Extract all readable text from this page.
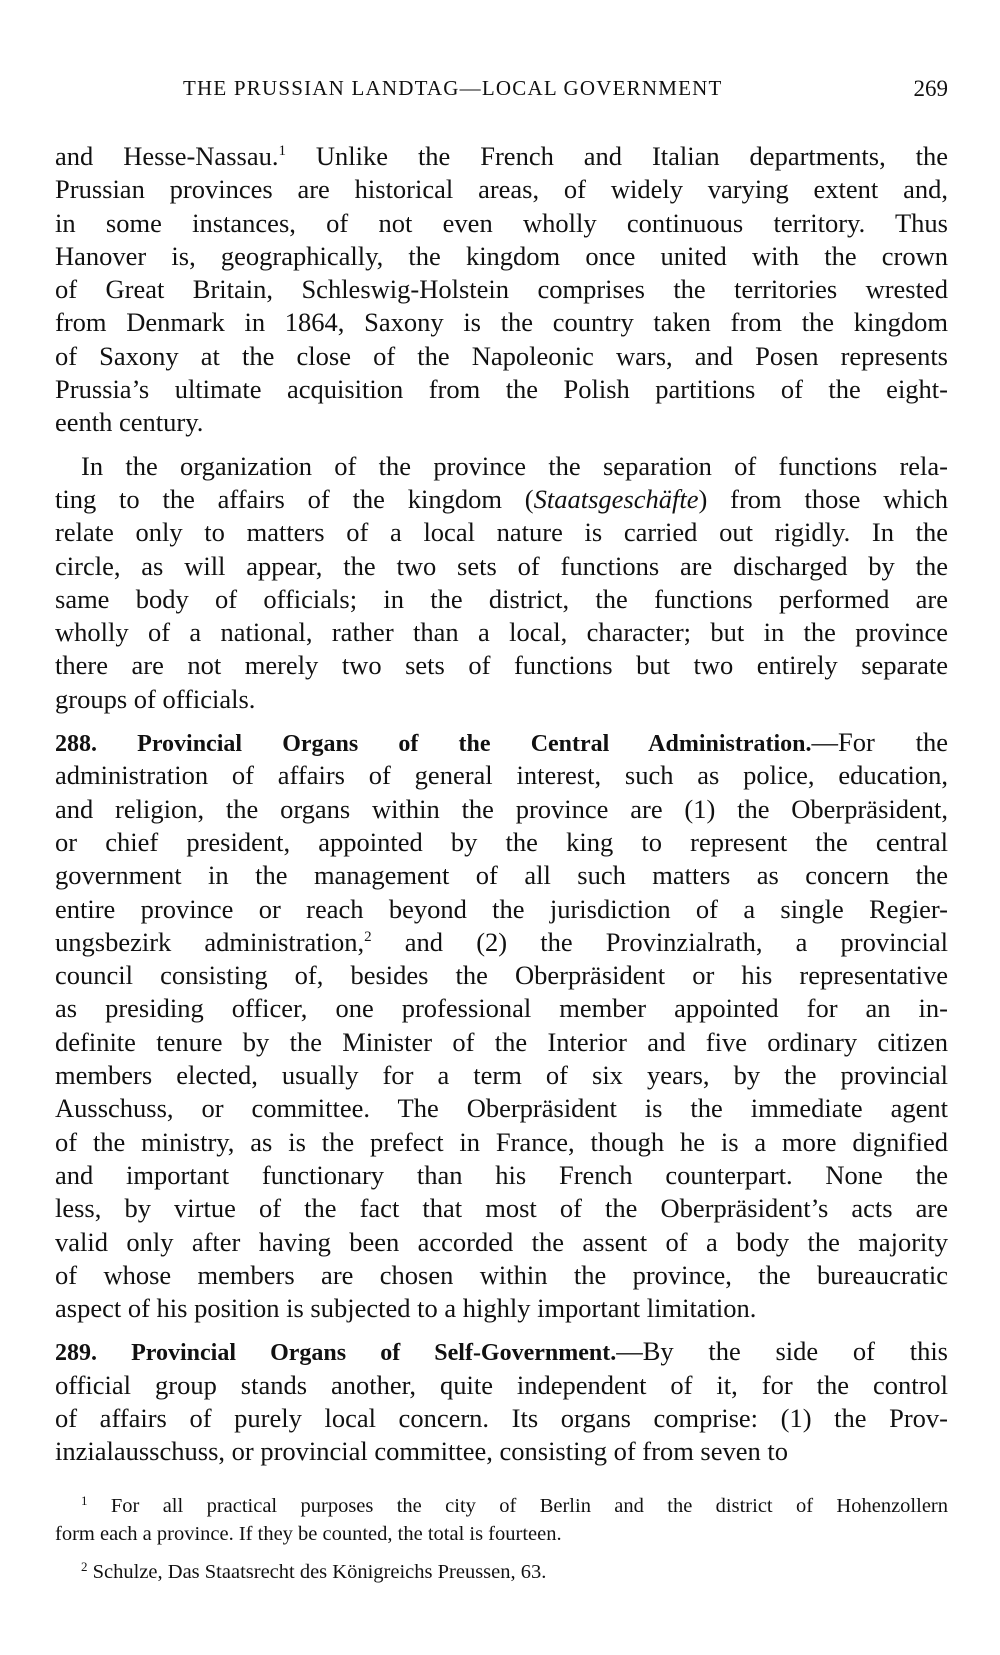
THE PRUSSIAN LANDTAG—LOCAL GOVERNMENT	269
and Hesse-Nassau.$^1$ Unlike the French and Italian departments, the
Prussian provinces are historical areas, of widely varying extent and,
in some instances, of not even wholly continuous territory. Thus
Hanover is, geographically, the kingdom once united with the crown
of Great Britain, Schleswig-Holstein comprises the territories wrested
from Denmark in 1864, Saxony is the country taken from the kingdom
of Saxony at the close of the Napoleonic wars, and Posen represents
Prussia’s ultimate acquisition from the Polish partitions of the eight-
eenth century.
In the organization of the province the separation of functions rela-
ting to the affairs of the kingdom (Staatsgeschäfte) from those which
relate only to matters of a local nature is carried out rigidly. In the
circle, as will appear, the two sets of functions are discharged by the
same body of officials; in the district, the functions performed are
wholly of a national, rather than a local, character; but in the province
there are not merely two sets of functions but two entirely separate
groups of officials.
288. Provincial Organs of the Central Administration.—For the
administration of affairs of general interest, such as police, education,
and religion, the organs within the province are (1) the Oberpräsident,
or chief president, appointed by the king to represent the central
government in the management of all such matters as concern the
entire province or reach beyond the jurisdiction of a single Regier-
ungsbezirk administration,$^2$ and (2) the Provinzialrath, a provincial
council consisting of, besides the Oberpräsident or his representative
as presiding officer, one professional member appointed for an in-
definite tenure by the Minister of the Interior and five ordinary citizen
members elected, usually for a term of six years, by the provincial
Ausschuss, or committee. The Oberpräsident is the immediate agent
of the ministry, as is the prefect in France, though he is a more dignified
and important functionary than his French counterpart. None the
less, by virtue of the fact that most of the Oberpräsident’s acts are
valid only after having been accorded the assent of a body the majority
of whose members are chosen within the province, the bureaucratic
aspect of his position is subjected to a highly important limitation.
289. Provincial Organs of Self-Government.—By the side of this
official group stands another, quite independent of it, for the control
of affairs of purely local concern. Its organs comprise: (1) the Prov-
inzialausschuss, or provincial committee, consisting of from seven to
$^1$ For all practical purposes the city of Berlin and the district of Hohenzollern
form each a province. If they be counted, the total is fourteen.
$^2$ Schulze, Das Staatsrecht des Königreichs Preussen, 63.
